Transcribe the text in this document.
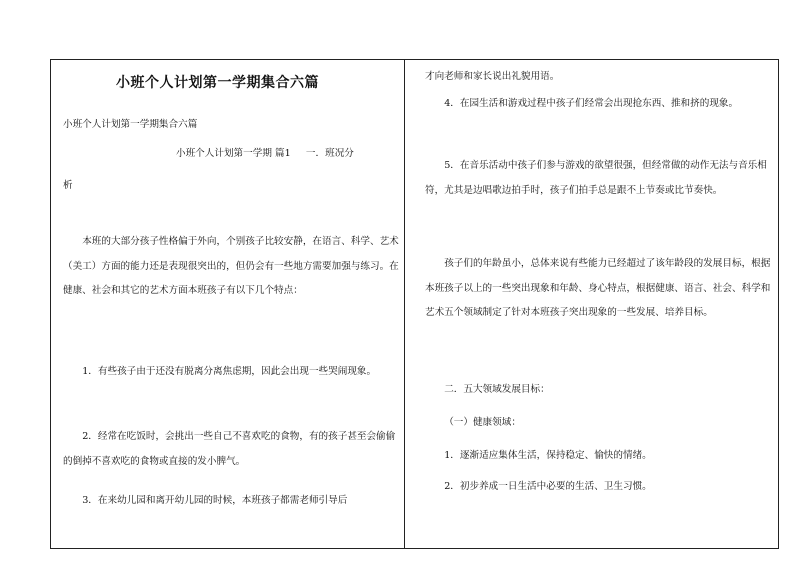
小班个人计划第一学期集合六篇

小班个人计划第一学期集合六篇

小班个人计划第一学期 篇1     一．班况分

析

本班的大部分孩子性格偏于外向，个别孩子比较安静，在语言、科学、艺术（美工）方面的能力还是表现很突出的，但仍会有一些地方需要加强与练习。在健康、社会和其它的艺术方面本班孩子有以下几个特点：

1．有些孩子由于还没有脱离分离焦虑期，因此会出现一些哭闹现象。

2．经常在吃饭时，会挑出一些自己不喜欢吃的食物，有的孩子甚至会偷偷的倒掉不喜欢吃的食物或直接的发小脾气。

3．在来幼儿园和离开幼儿园的时候，本班孩子都需老师引导后

才向老师和家长说出礼貌用语。

4．在园生活和游戏过程中孩子们经常会出现抢东西、推和挤的现象。

5．在音乐活动中孩子们参与游戏的欲望很强，但经常做的动作无法与音乐相符，尤其是边唱歌边拍手时，孩子们拍手总是跟不上节奏或比节奏快。

孩子们的年龄虽小，总体来说有些能力已经超过了该年龄段的发展目标，根据本班孩子以上的一些突出现象和年龄、身心特点，根据健康、语言、社会、科学和艺术五个领域制定了针对本班孩子突出现象的一些发展、培养目标。

二．五大领域发展目标：

（一）健康领域：

1．逐渐适应集体生活，保持稳定、愉快的情绪。

2．初步养成一日生活中必要的生活、卫生习惯。
